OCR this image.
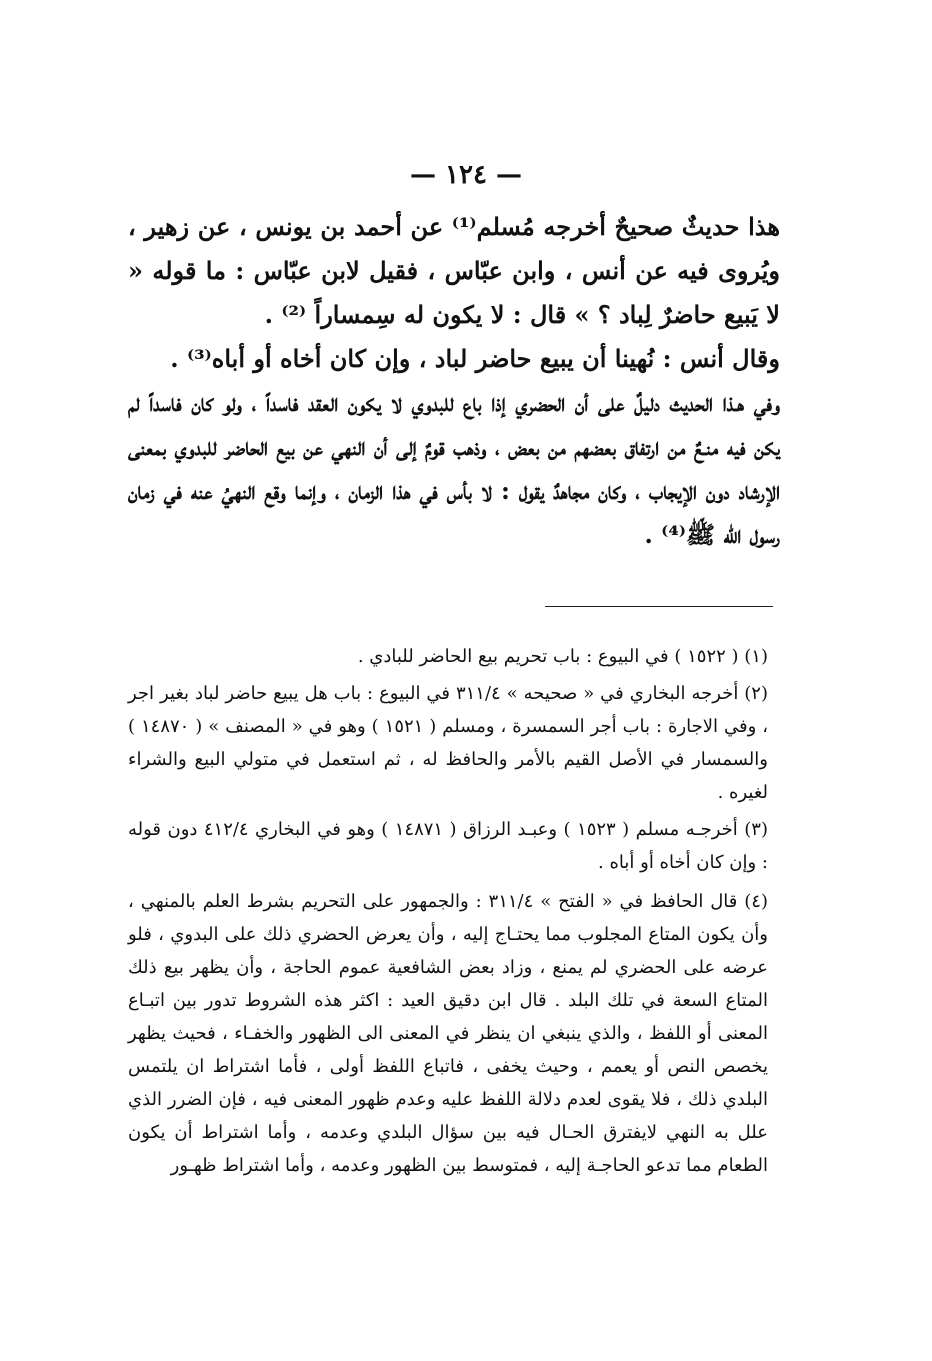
— ١٢٤ —

هذا حديثٌ صحيحٌ أخرجه مُسلم⁽¹⁾ عن أحمد بن يونس ، عن زهير ، ويُروى فيه عن أنس ، وابن عبّاس ، فقيل لابن عبّاس : ما قوله « لا يَبيع حاضرٌ لِباد ؟ » قال : لا يكون له سِمساراً ⁽²⁾ .

وقال أنس : نُهينا أن يبيع حاضر لباد ، وإن كان أخاه أو أباه⁽³⁾ .

وفي هـذا الحديث دليلٌ على أن الحضري إذا باع للبدوي لا يكون العقد فاسداً ، ولو كان فاسداً لم يكن فيه منـعٌ من ارتفاق بعضهم من بعض ، وذهب قومٌ إلى أن النهي عن بيع الحاضر للبدوي بمعنى الإرشاد دون الإيجاب ، وكان مجاهدٌ يقول : لا بأس في هذا الزمان ، وإنما وقع النهيُ عنه في زمان رسول الله ﷺ⁽⁴⁾ .

(١) ( ١٥٢٢ ) في البيوع : باب تحريم بيع الحاضر للبادي .

(٢) أخرجه البخاري في « صحيحه » ٣١١/٤ في البيوع : باب هل يبيع حاضر لباد بغير اجر ، وفي الاجارة : باب أجر السمسرة ، ومسلم ( ١٥٢١ ) وهو في « المصنف » ( ١٤٨٧٠ ) والسمسار في الأصل القيم بالأمر والحافظ له ، ثم استعمل في متولي البيع والشراء لغيره .

(٣) أخرجـه مسلم ( ١٥٢٣ ) وعبـد الرزاق ( ١٤٨٧١ ) وهو في البخاري ٤١٢/٤ دون قوله : وإن كان أخاه أو أباه .

(٤) قال الحافظ في « الفتح » ٣١١/٤ : والجمهور على التحريم بشرط العلم بالمنهي ، وأن يكون المتاع المجلوب مما يحتـاج إليه ، وأن يعرض الحضري ذلك على البدوي ، فلو عرضه على الحضري لم يمنع ، وزاد بعض الشافعية عموم الحاجة ، وأن يظهر بيع ذلك المتاع السعة في تلك البلد . قال ابن دقيق العيد : اكثر هذه الشروط تدور بين اتبـاع المعنى أو اللفظ ، والذي ينبغي ان ينظر في المعنى الى الظهور والخفـاء ، فحيث يظهر يخصص النص أو يعمم ، وحيث يخفى ، فاتباع اللفظ أولى ، فأما اشتراط ان يلتمس البلدي ذلك ، فلا يقوى لعدم دلالة اللفظ عليه وعدم ظهور المعنى فيه ، فإن الضرر الذي علل به النهي لايفترق الحـال فيه بين سؤال البلدي وعدمه ، وأما اشتراط أن يكون الطعام مما تدعو الحاجـة إليه ، فمتوسط بين الظهور وعدمه ، وأما اشتراط ظهـور
